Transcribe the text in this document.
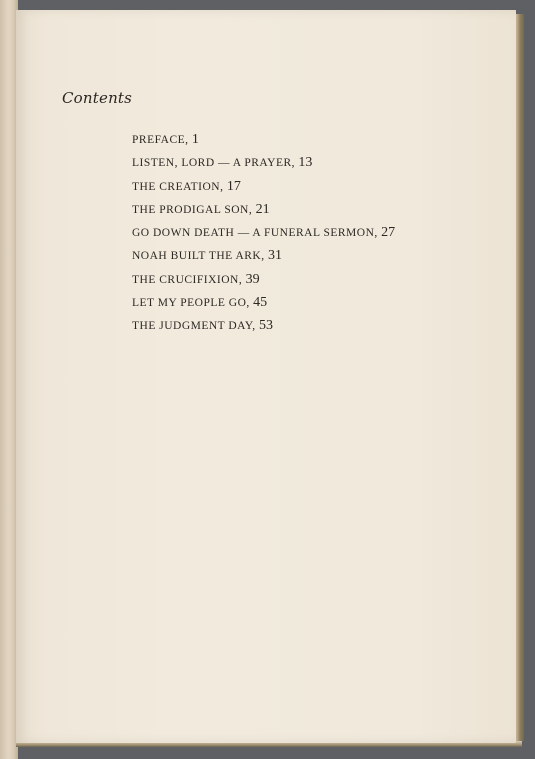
Contents
PREFACE, 1
LISTEN, LORD — A PRAYER, 13
THE CREATION, 17
THE PRODIGAL SON, 21
GO DOWN DEATH — A FUNERAL SERMON, 27
NOAH BUILT THE ARK, 31
THE CRUCIFIXION, 39
LET MY PEOPLE GO, 45
THE JUDGMENT DAY, 53
